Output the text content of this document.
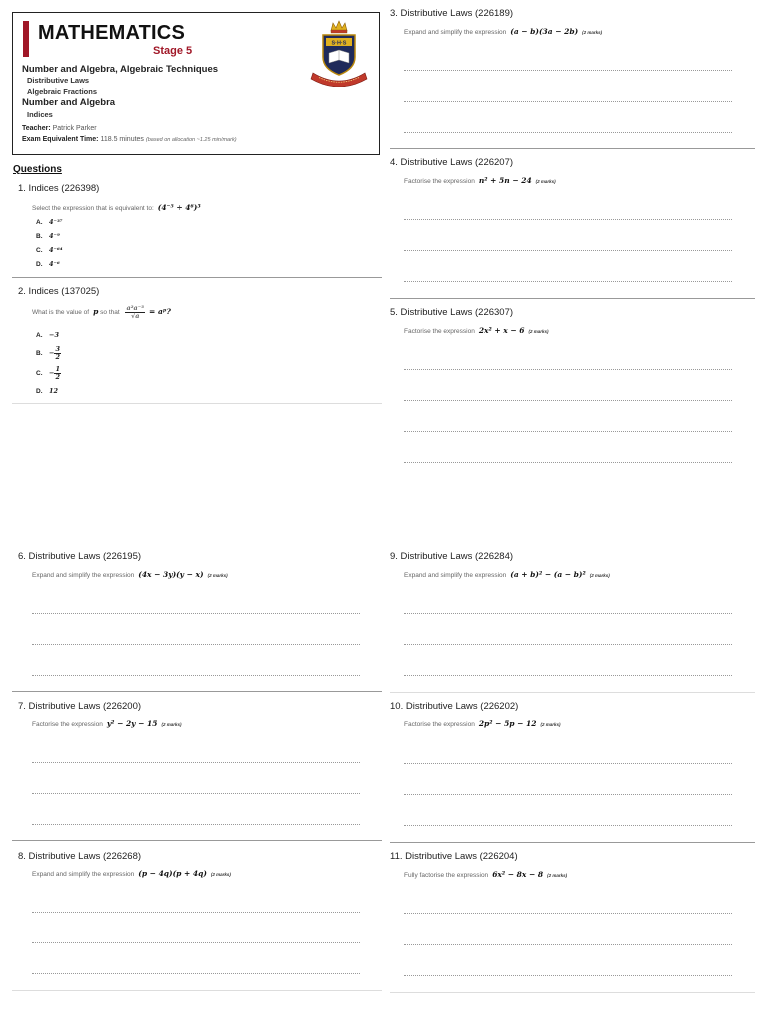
MATHEMATICS
Stage 5
Number and Algebra, Algebraic Techniques
Distributive Laws
Algebraic Fractions
Number and Algebra
Indices
Teacher: Patrick Parker
Exam Equivalent Time: 118.5 minutes (based on allocation ~1.25 min/mark)
S·H·S
Questions
1. Indices (226398)
Select the expression that is equivalent to: (4⁻⁵ ÷ 4⁶)³
A. 4⁻³⁷
B. 4⁻⁹
C. 4⁻⁶⁴
D. 4⁻⁶
2. Indices (137025)
What is the value of p so that $\frac{\text{a²a⁻³}}{√a}$ = aᵖ?
A. −3
B. − $\frac{3}{2}$
C. − $\frac{1}{2}$
D. 12
3. Distributive Laws (226189)
Expand and simplify the expression (a − b)(3a − 2b) (2 marks)
4. Distributive Laws (226207)
Factorise the expression n² + 5n − 24 (2 marks)
5. Distributive Laws (226307)
Factorise the expression 2x² + x − 6 (2 marks)
6. Distributive Laws (226195)
Expand and simplify the expression (4x − 3y)(y − x) (2 marks)
7. Distributive Laws (226200)
Factorise the expression y² − 2y − 15 (2 marks)
8. Distributive Laws (226268)
Expand and simplify the expression (p − 4q)(p + 4q) (2 marks)
9. Distributive Laws (226284)
Expand and simplify the expression (a + b)² − (a − b)² (2 marks)
10. Distributive Laws (226202)
Factorise the expression 2p² − 5p − 12 (2 marks)
11. Distributive Laws (226204)
Fully factorise the expression 6x² − 8x − 8 (2 marks)
